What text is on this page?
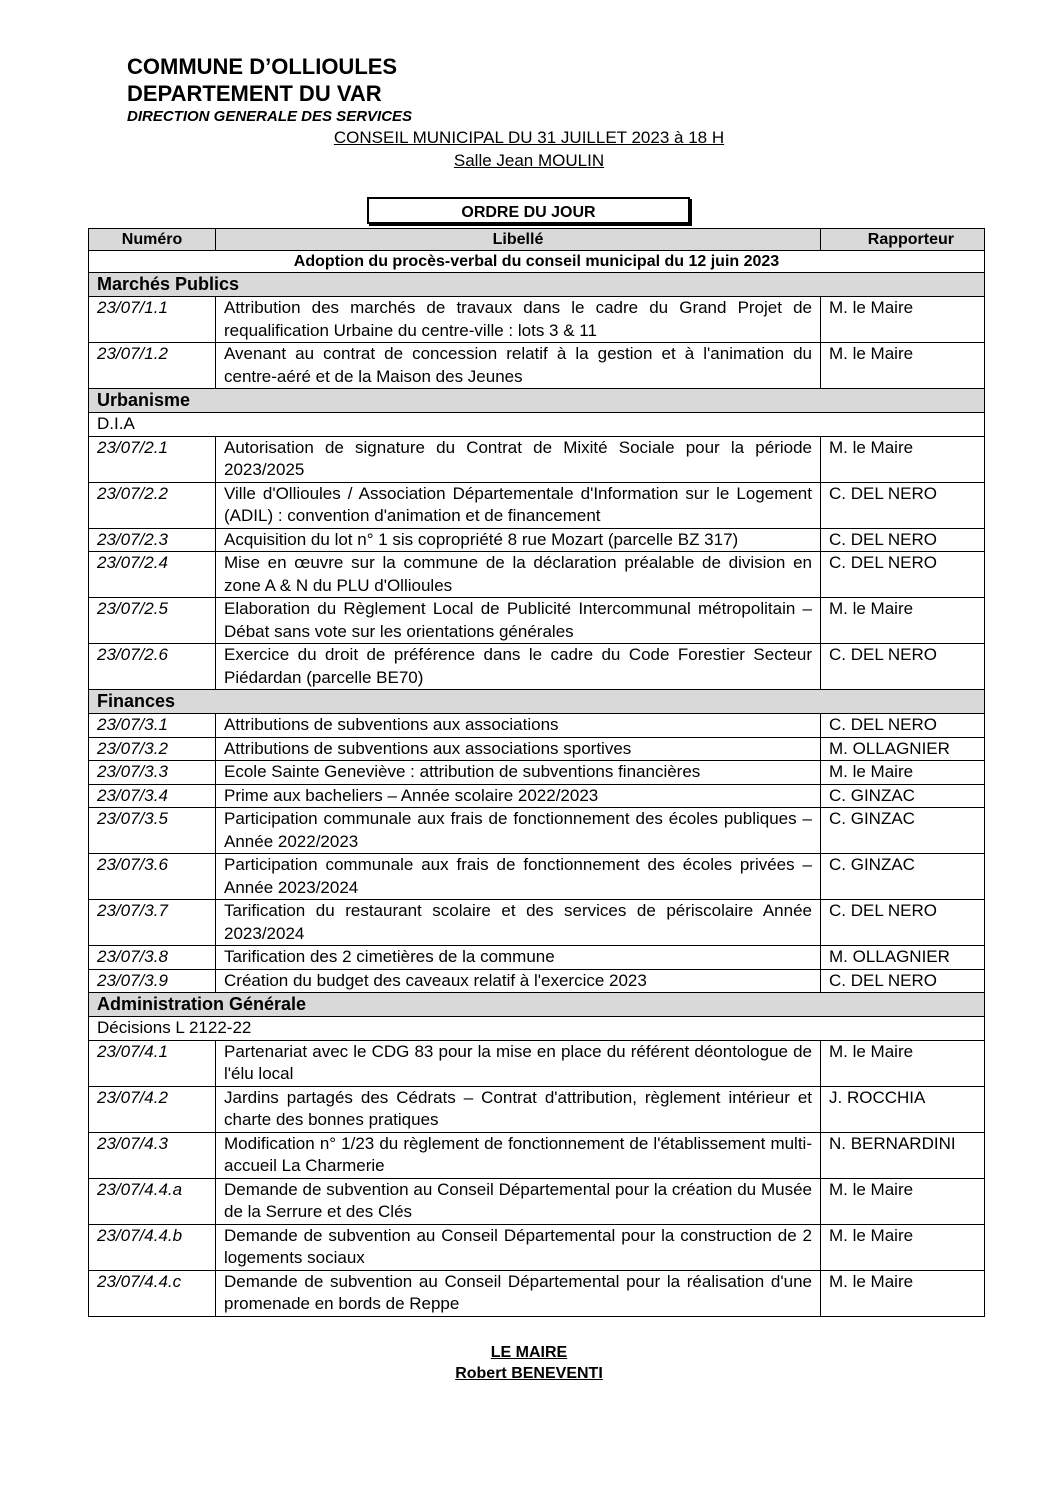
COMMUNE D’OLLIOULES
DEPARTEMENT DU VAR
DIRECTION GENERALE DES SERVICES
CONSEIL MUNICIPAL DU 31 JUILLET 2023 à 18 H
Salle Jean MOULIN
ORDRE DU JOUR
Numéro	Libellé	Rapporteur
Adoption du procès-verbal du conseil municipal du 12 juin 2023		
Marchés Publics		
23/07/1.1	Attribution des marchés de travaux dans le cadre du Grand Projet de requalification Urbaine du centre-ville : lots 3 & 11	M. le Maire
23/07/1.2	Avenant au contrat de concession relatif à la gestion et à l'animation du centre-aéré et de la Maison des Jeunes	M. le Maire
Urbanisme		
D.I.A		
23/07/2.1	Autorisation de signature du Contrat de Mixité Sociale pour la période 2023/2025	M. le Maire
23/07/2.2	Ville d'Ollioules / Association Départementale d'Information sur le Logement (ADIL) : convention d'animation et de financement	C. DEL NERO
23/07/2.3	Acquisition du lot n° 1 sis copropriété 8 rue Mozart (parcelle BZ 317)	C. DEL NERO
23/07/2.4	Mise en œuvre sur la commune de la déclaration préalable de division en zone A & N du PLU d'Ollioules	C. DEL NERO
23/07/2.5	Elaboration du Règlement Local de Publicité Intercommunal métropolitain – Débat sans vote sur les orientations générales	M. le Maire
23/07/2.6	Exercice du droit de préférence dans le cadre du Code Forestier Secteur Piédardan (parcelle BE70)	C. DEL NERO
Finances		
23/07/3.1	Attributions de subventions aux associations	C. DEL NERO
23/07/3.2	Attributions de subventions aux associations sportives	M. OLLAGNIER
23/07/3.3	Ecole Sainte Geneviève : attribution de subventions financières	M. le Maire
23/07/3.4	Prime aux bacheliers – Année scolaire 2022/2023	C. GINZAC
23/07/3.5	Participation communale aux frais de fonctionnement des écoles publiques – Année 2022/2023	C. GINZAC
23/07/3.6	Participation communale aux frais de fonctionnement des écoles privées – Année 2023/2024	C. GINZAC
23/07/3.7	Tarification du restaurant scolaire et des services de périscolaire Année 2023/2024	C. DEL NERO
23/07/3.8	Tarification des 2 cimetières de la commune	M. OLLAGNIER
23/07/3.9	Création du budget des caveaux relatif à l'exercice 2023	C. DEL NERO
Administration Générale		
Décisions L 2122-22		
23/07/4.1	Partenariat avec le CDG 83 pour la mise en place du référent déontologue de l'élu local	M. le Maire
23/07/4.2	Jardins partagés des Cédrats – Contrat d'attribution, règlement intérieur et charte des bonnes pratiques	J. ROCCHIA
23/07/4.3	Modification n° 1/23 du règlement de fonctionnement de l'établissement multi-accueil La Charmerie	N. BERNARDINI
23/07/4.4.a	Demande de subvention au Conseil Départemental pour la création du Musée de la Serrure et des Clés	M. le Maire
23/07/4.4.b	Demande de subvention au Conseil Départemental pour la construction de 2 logements sociaux	M. le Maire
23/07/4.4.c	Demande de subvention au Conseil Départemental pour la réalisation d'une promenade en bords de Reppe	M. le Maire
LE MAIRE
Robert BENEVENTI
